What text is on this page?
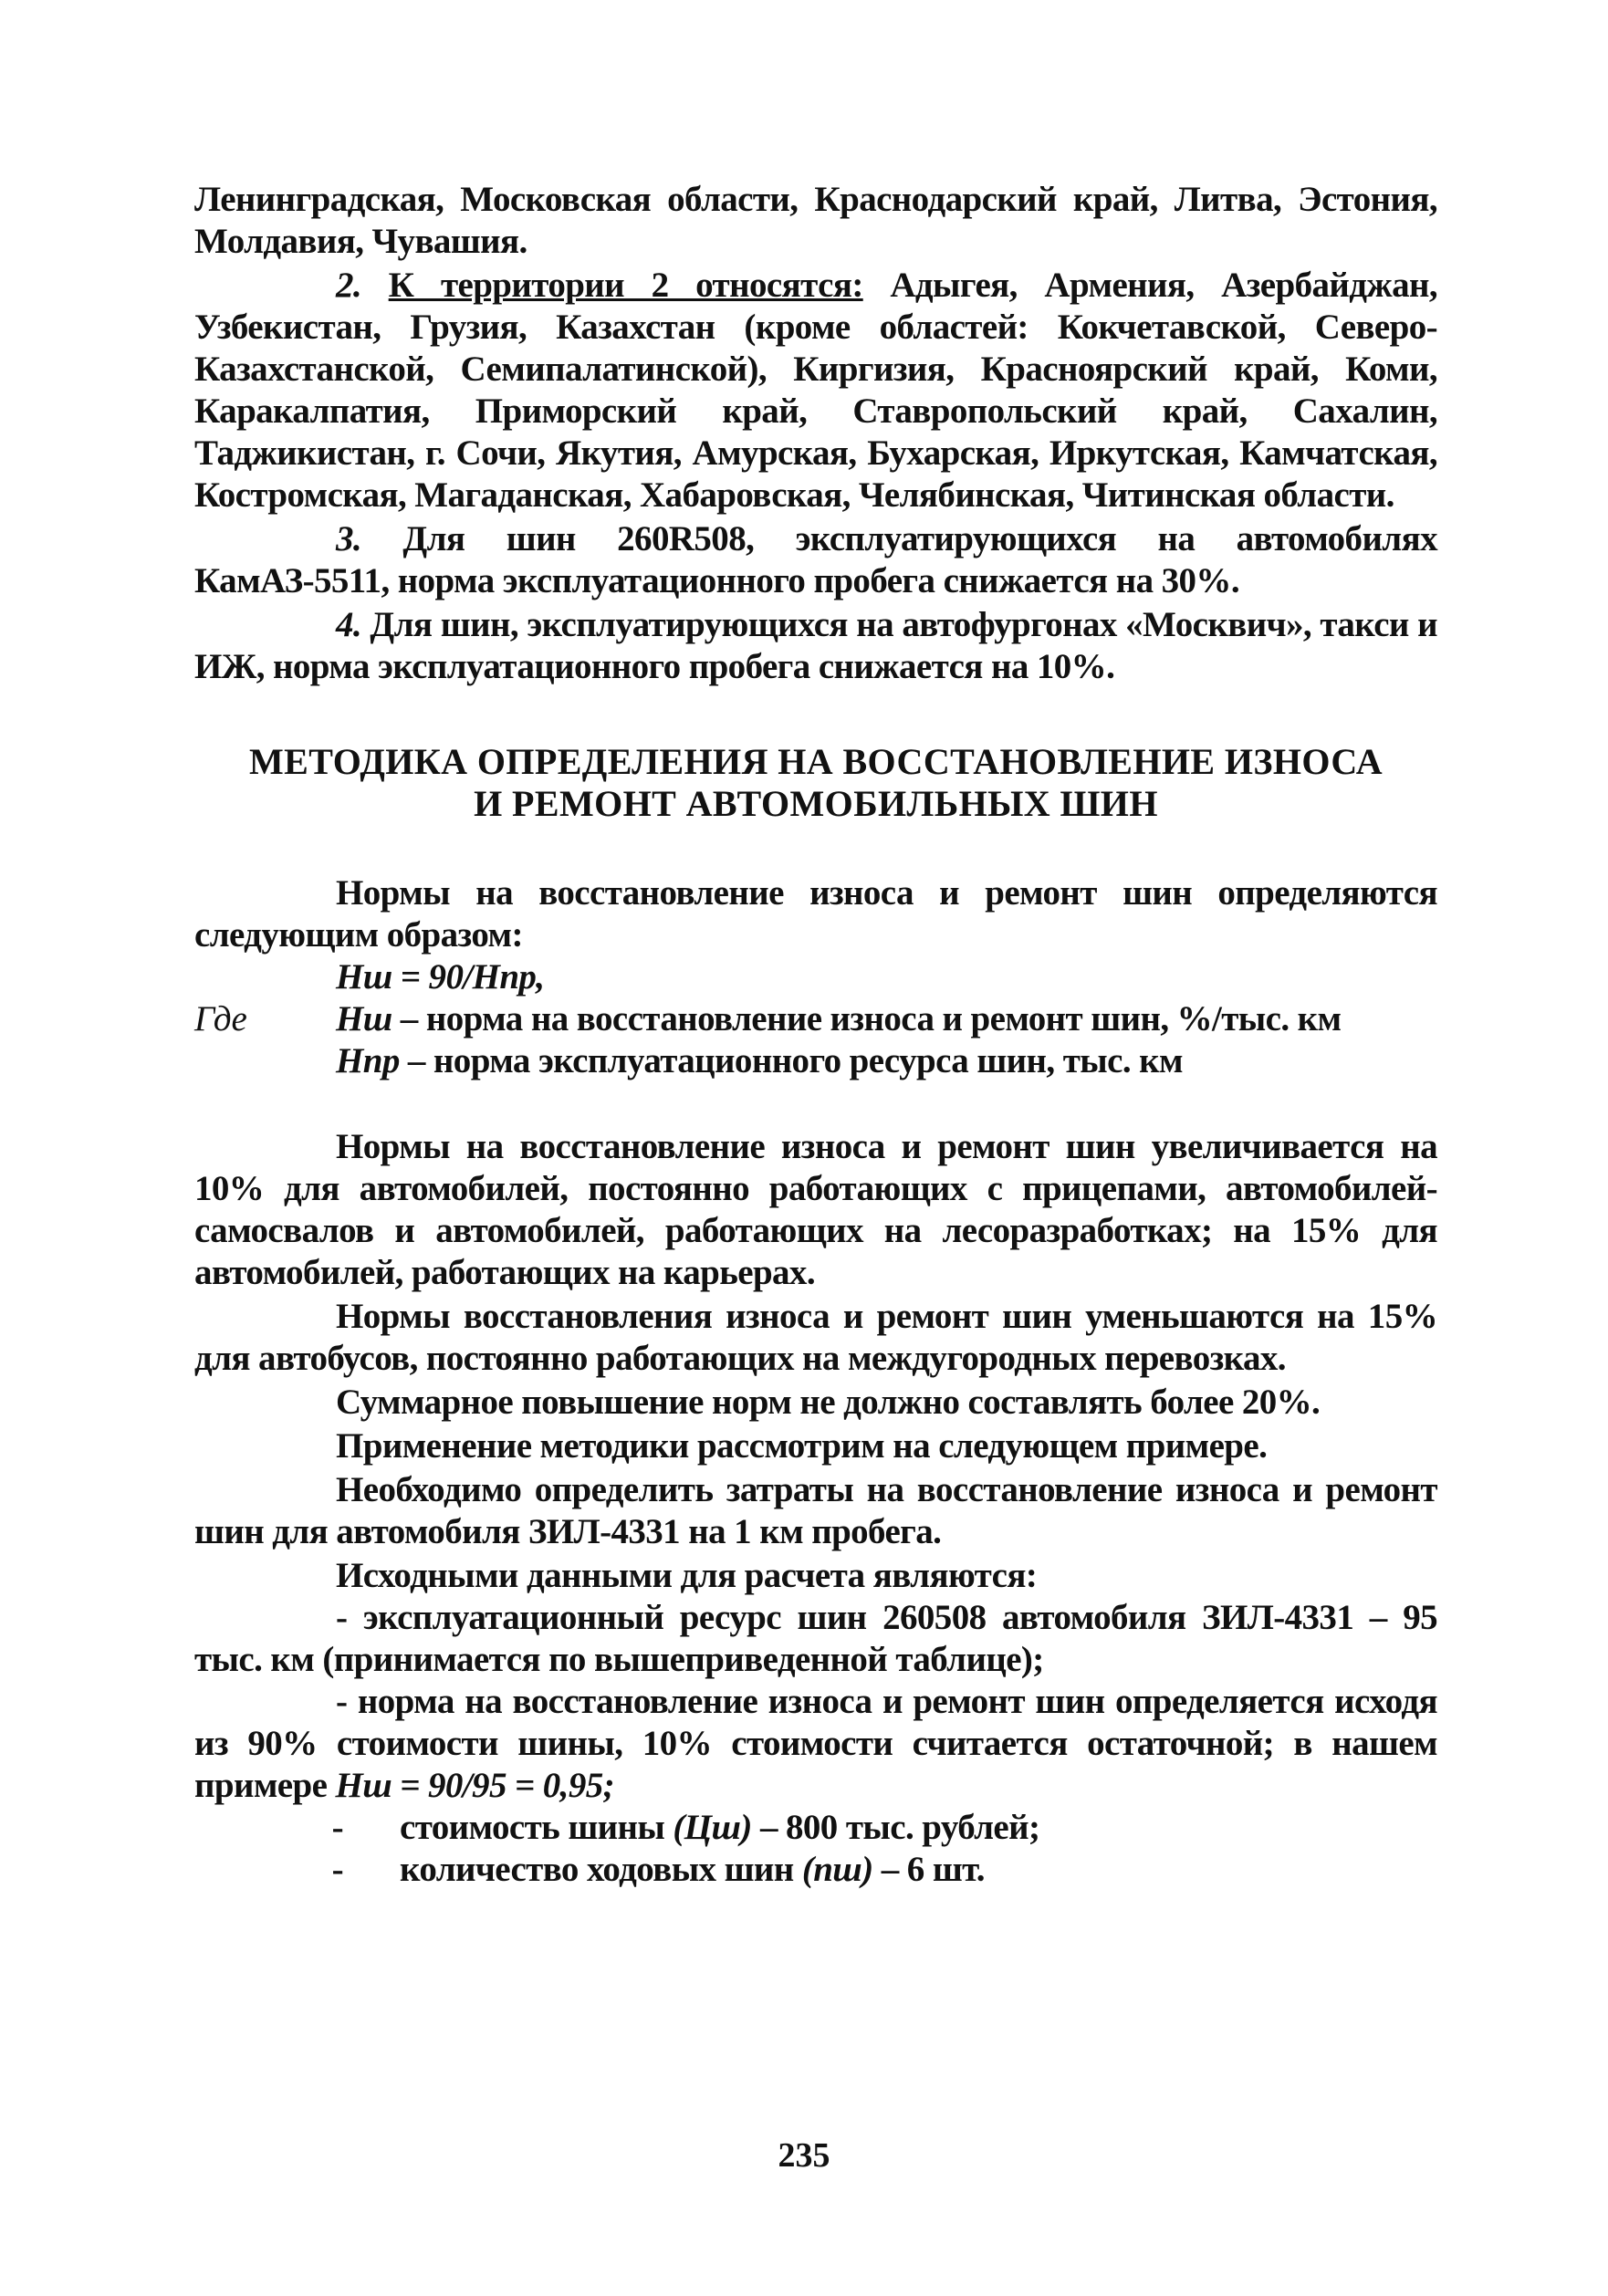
Ленинградская, Московская области, Краснодарский край, Литва, Эстония, Молдавия, Чувашия.

2. К территории 2 относятся: Адыгея, Армения, Азербайджан, Узбекистан, Грузия, Казахстан (кроме областей: Кокчетавской, Северо-Казахстанской, Семипалатинской), Киргизия, Красноярский край, Коми, Каракалпатия, Приморский край, Ставропольский край, Сахалин, Таджикистан, г. Сочи, Якутия, Амурская, Бухарская, Иркутская, Камчатская, Костромская, Магаданская, Хабаровская, Челябинская, Читинская области.

3. Для шин 260R508, эксплуатирующихся на автомобилях КамАЗ-5511, норма эксплуатационного пробега снижается на 30%.

4. Для шин, эксплуатирующихся на автофургонах «Москвич», такси и ИЖ, норма эксплуатационного пробега снижается на 10%.

МЕТОДИКА ОПРЕДЕЛЕНИЯ НА ВОССТАНОВЛЕНИЕ ИЗНОСА
И РЕМОНТ АВТОМОБИЛЬНЫХ ШИН

Нормы на восстановление износа и ремонт шин определяются следующим образом:

Нш = 90/Нпр,
Где	Нш – норма на восстановление износа и ремонт шин, %/тыс. км
Нпр – норма эксплуатационного ресурса шин, тыс. км

Нормы на восстановление износа и ремонт шин увеличивается на 10% для автомобилей, постоянно работающих с прицепами, автомобилей-самосвалов и автомобилей, работающих на лесоразработках; на 15% для автомобилей, работающих на карьерах.

Нормы восстановления износа и ремонт шин уменьшаются на 15% для автобусов, постоянно работающих на междугородных перевозках.

Суммарное повышение норм не должно составлять более 20%.

Применение методики рассмотрим на следующем примере.

Необходимо определить затраты на восстановление износа и ремонт шин для автомобиля ЗИЛ-4331 на 1 км пробега.

Исходными данными для расчета являются:

- эксплуатационный ресурс шин 260508 автомобиля ЗИЛ-4331 – 95 тыс. км (принимается по вышеприведенной таблице);

- норма на восстановление износа и ремонт шин определяется исходя из 90% стоимости шины, 10% стоимости считается остаточной; в нашем примере Нш = 90/95 = 0,95;

-	стоимость шины (Цш) – 800 тыс. рублей;
-	количество ходовых шин (пш) – 6 шт.
235
